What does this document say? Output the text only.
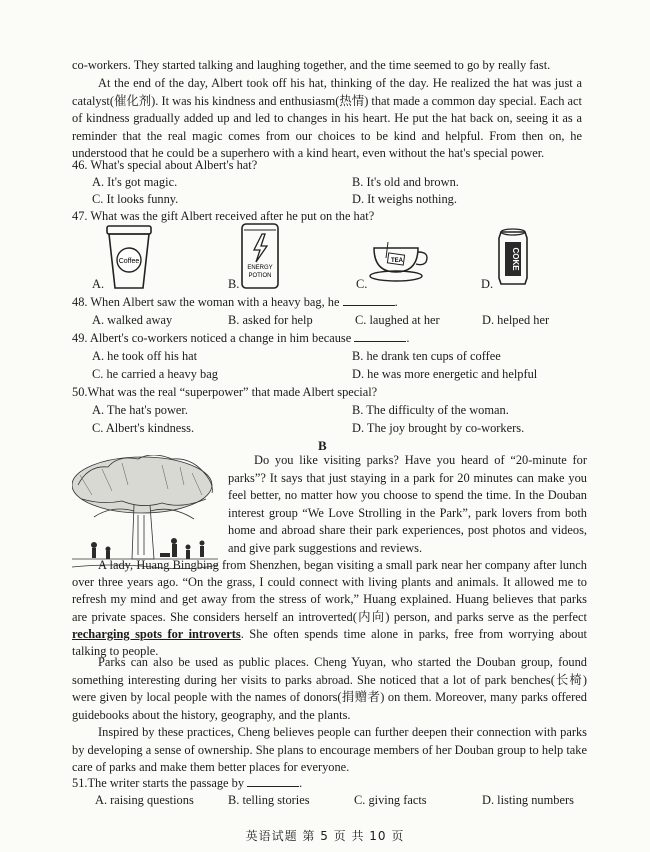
co-workers. They started talking and laughing together, and the time seemed to go by really fast.

At the end of the day, Albert took off his hat, thinking of the day. He realized the hat was just a catalyst(催化剂). It was his kindness and enthusiasm(热情) that made a common day special. Each act of kindness gradually added up and led to changes in his heart. He put the hat back on, seeing it as a reminder that the real magic comes from our choices to be kind and helpful. From then on, he understood that he could be a superhero with a kind heart, even without the hat's special power.

46. What's special about Albert's hat?
A. It's got magic.	B. It's old and brown.
C. It looks funny.	D. It weighs nothing.
47. What was the gift Albert received after he put on the hat?
A.
Coffee
B.
ENERGY
POTION
C.
TEA
D.
COKE
48. When Albert saw the woman with a heavy bag, he	.
A. walked away	B. asked for help	C. laughed at her	D. helped her
49. Albert's co-workers noticed a change in him because	.
A. he took off his hat	B. he drank ten cups of coffee
C. he carried a heavy bag	D. he was more energetic and helpful
50.What was the real “superpower” that made Albert special?
A. The hat's power.	B. The difficulty of the woman.
C. Albert's kindness.	D. The joy brought by co-workers.
B

Do you like visiting parks? Have you heard of “20-minute for parks”? It says that just staying in a park for 20 minutes can make you feel better, no matter how you choose to spend the time. In the Douban interest group “We Love Strolling in the Park”, park lovers from both home and abroad share their park experiences, post photos and videos, and give park suggestions and reviews.

A lady, Huang Bingbing from Shenzhen, began visiting a small park near her company after lunch over three years ago. “On the grass, I could connect with living plants and animals. It allowed me to refresh my mind and get away from the stress of work,” Huang explained. Huang believes that parks are private spaces. She considers herself an introverted(内向) person, and parks serve as the perfect recharging spots for introverts. She often spends time alone in parks, free from worrying about talking to people.

Parks can also be used as public places. Cheng Yuyan, who started the Douban group, found something interesting during her visits to parks abroad. She noticed that a lot of park benches(长椅) were given by local people with the names of donors(捐赠者) on them. Moreover, many parks offered guidebooks about the history, geography, and the plants.

Inspired by these practices, Cheng believes people can further deepen their connection with parks by developing a sense of ownership. She plans to encourage members of her Douban group to help take care of parks and make them better places for everyone.

51.The writer starts the passage by	.
A. raising questions	B. telling stories	C. giving facts	D. listing numbers
英语试题 第 5 页 共 10 页
